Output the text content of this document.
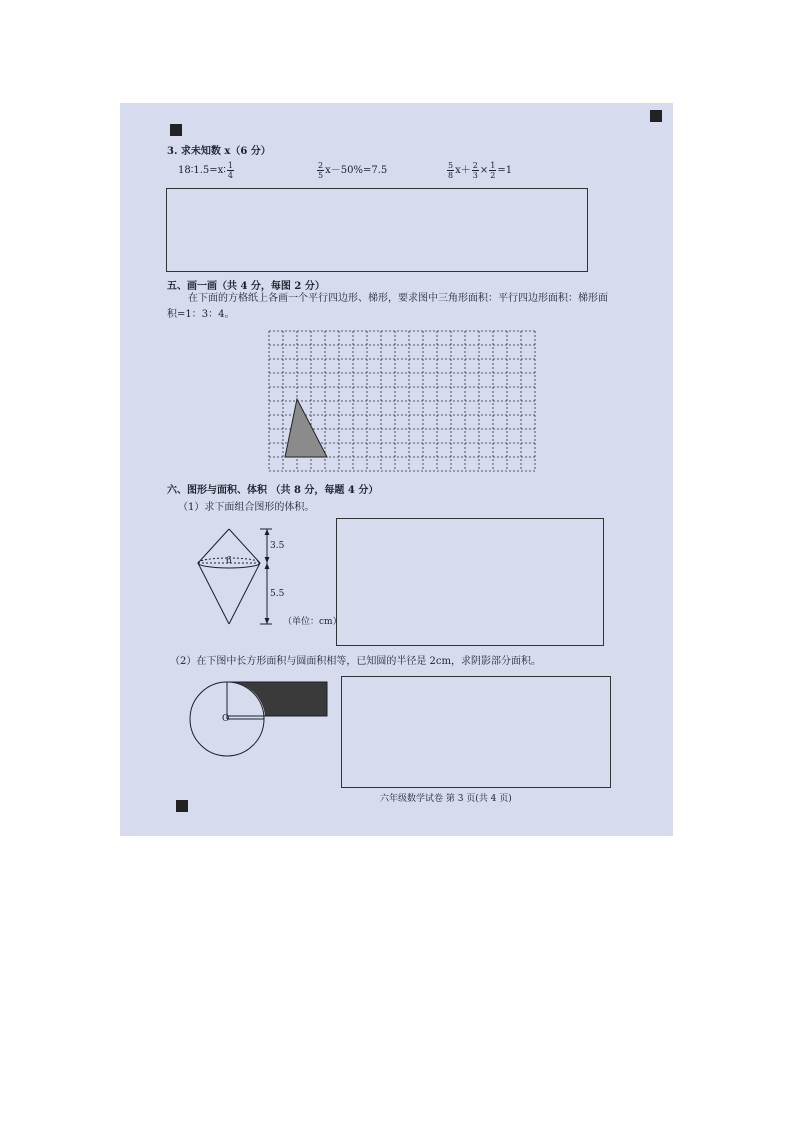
3. 求未知数 x（6 分）
18∶1.5=x∶ $\frac{1}{4}$	$\frac{2}{5} x-50\%=7.5$	$\frac{5}{8} x+ \frac{2}{3} \times \frac{1}{2} =1$
五、画一画（共 4 分，每图 2 分）
在下面的方格纸上各画一个平行四边形、梯形，要求图中三角形面积：平行四边形面积：梯形面
积=1：3：4。
六、图形与面积、体积 （共 8 分，每题 4 分）
（1）求下面组合图形的体积。
6
3.5
5.5
（单位：cm）
（2）在下图中长方形面积与圆面积相等，已知圆的半径是 2cm，求阴影部分面积。
O
六年级数学试卷 第 3 页(共 4 页)
